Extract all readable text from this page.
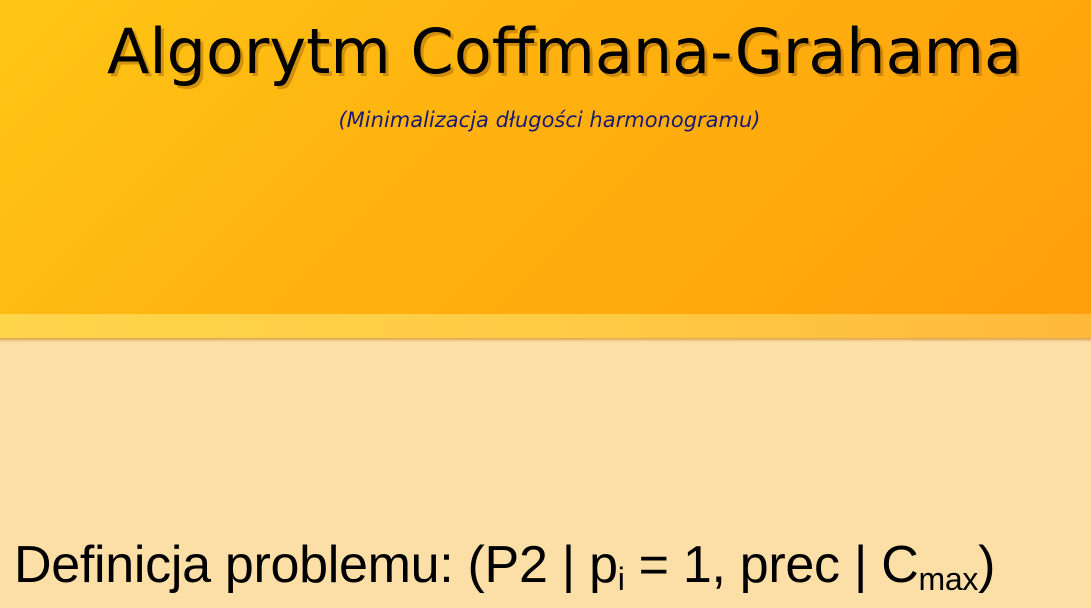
Algorytm Coffmana-Grahama
(Minimalizacja długości harmonogramu)
Definicja problemu: (P2 | $p_i = 1$, prec | $C_{max}$)
